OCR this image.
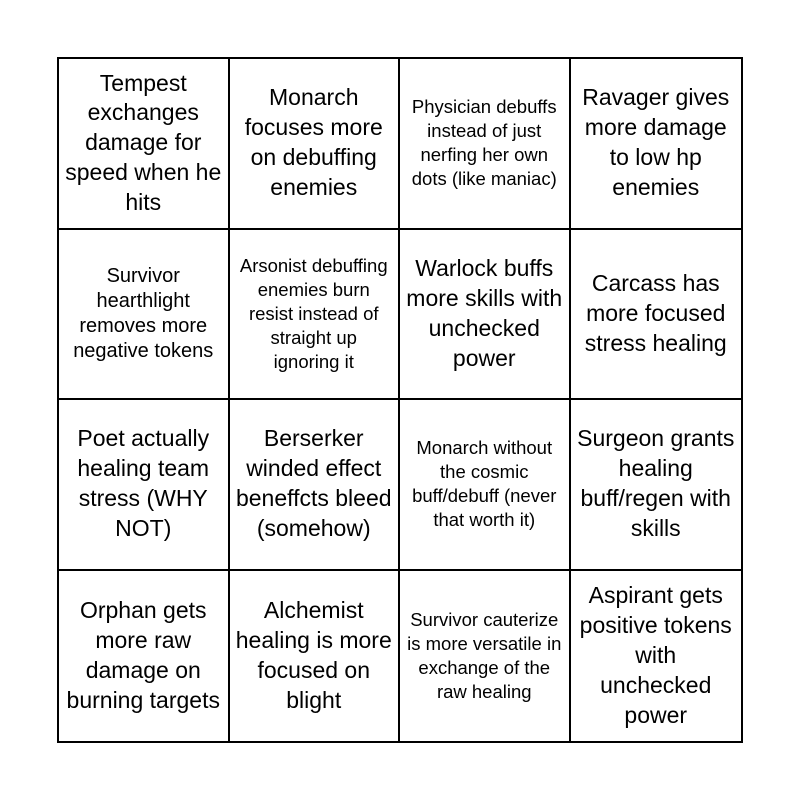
Tempest exchanges damage for speed when he hits
Monarch focuses more on debuffing enemies
Physician debuffs instead of just nerfing her own dots (like maniac)
Ravager gives more damage to low hp enemies
Survivor hearthlight removes more negative tokens
Arsonist debuffing enemies burn resist instead of straight up ignoring it
Warlock buffs more skills with unchecked power
Carcass has more focused stress healing
Poet actually healing team stress (WHY NOT)
Berserker winded effect beneffcts bleed (somehow)
Monarch without the cosmic buff/debuff (never that worth it)
Surgeon grants healing buff/regen with skills
Orphan gets more raw damage on burning targets
Alchemist healing is more focused on blight
Survivor cauterize is more versatile in exchange of the raw healing
Aspirant gets positive tokens with unchecked power
